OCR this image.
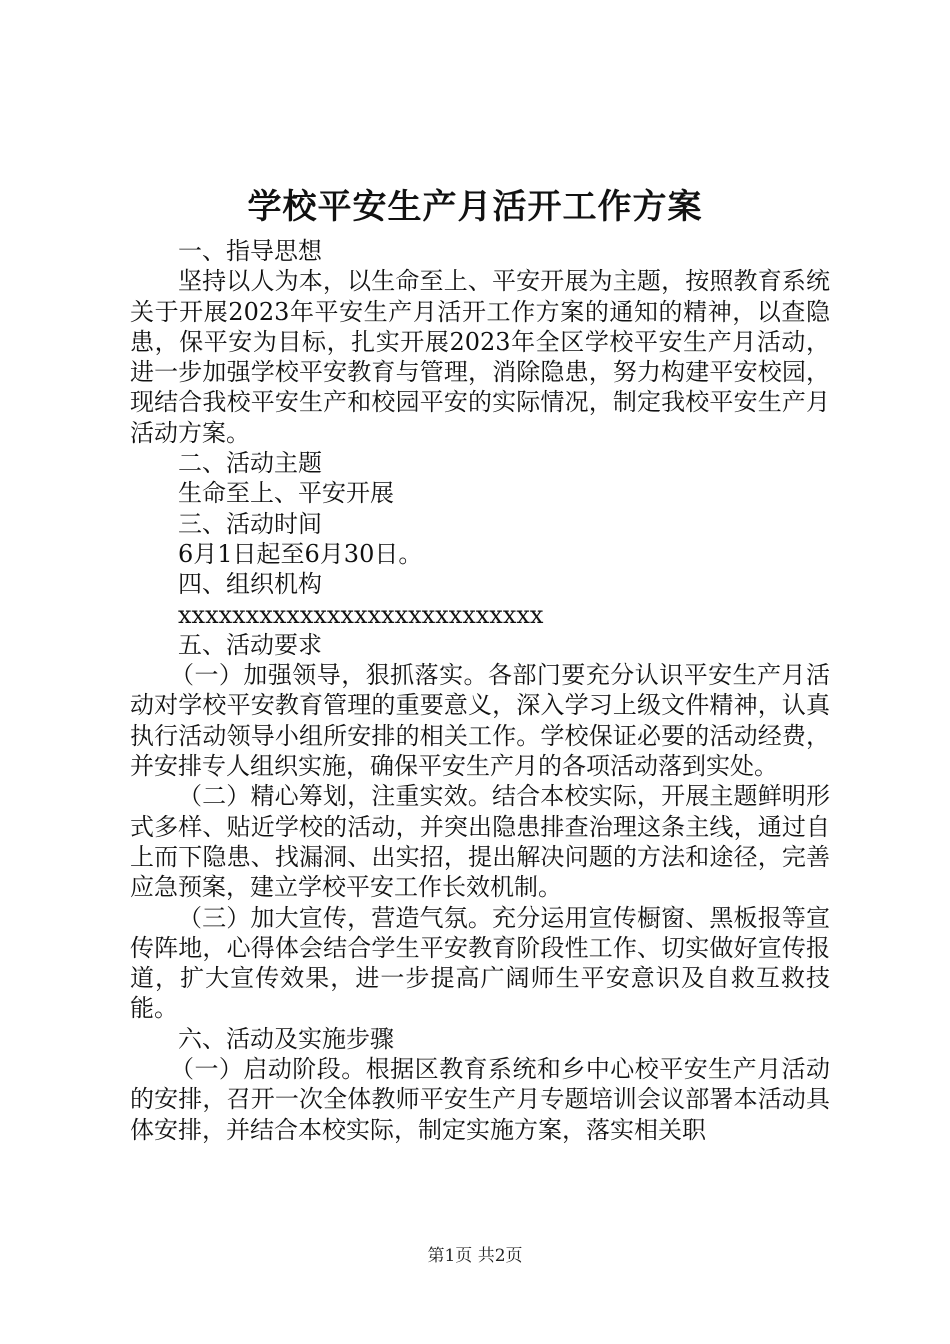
学校平安生产月活开工作方案

一、指导思想

坚持以人为本，以生命至上、平安开展为主题，按照教育系统关于开展2023年平安生产月活开工作方案的通知的精神，以查隐患，保平安为目标，扎实开展2023年全区学校平安生产月活动，进一步加强学校平安教育与管理，消除隐患，努力构建平安校园，现结合我校平安生产和校园平安的实际情况，制定我校平安生产月活动方案。

二、活动主题

生命至上、平安开展

三、活动时间

6月1日起至6月30日。

四、组织机构

xxxxxxxxxxxxxxxxxxxxxxxxxxx

五、活动要求

（一）加强领导，狠抓落实。各部门要充分认识平安生产月活动对学校平安教育管理的重要意义，深入学习上级文件精神，认真执行活动领导小组所安排的相关工作。学校保证必要的活动经费，并安排专人组织实施，确保平安生产月的各项活动落到实处。

（二）精心筹划，注重实效。结合本校实际，开展主题鲜明形式多样、贴近学校的活动，并突出隐患排查治理这条主线，通过自上而下隐患、找漏洞、出实招，提出解决问题的方法和途径，完善应急预案，建立学校平安工作长效机制。

（三）加大宣传，营造气氛。充分运用宣传橱窗、黑板报等宣传阵地，心得体会结合学生平安教育阶段性工作、切实做好宣传报道，扩大宣传效果，进一步提高广阔师生平安意识及自救互救技能。

六、活动及实施步骤

（一）启动阶段。根据区教育系统和乡中心校平安生产月活动的安排，召开一次全体教师平安生产月专题培训会议部署本活动具体安排，并结合本校实际，制定实施方案，落实相关职

第1页 共2页
